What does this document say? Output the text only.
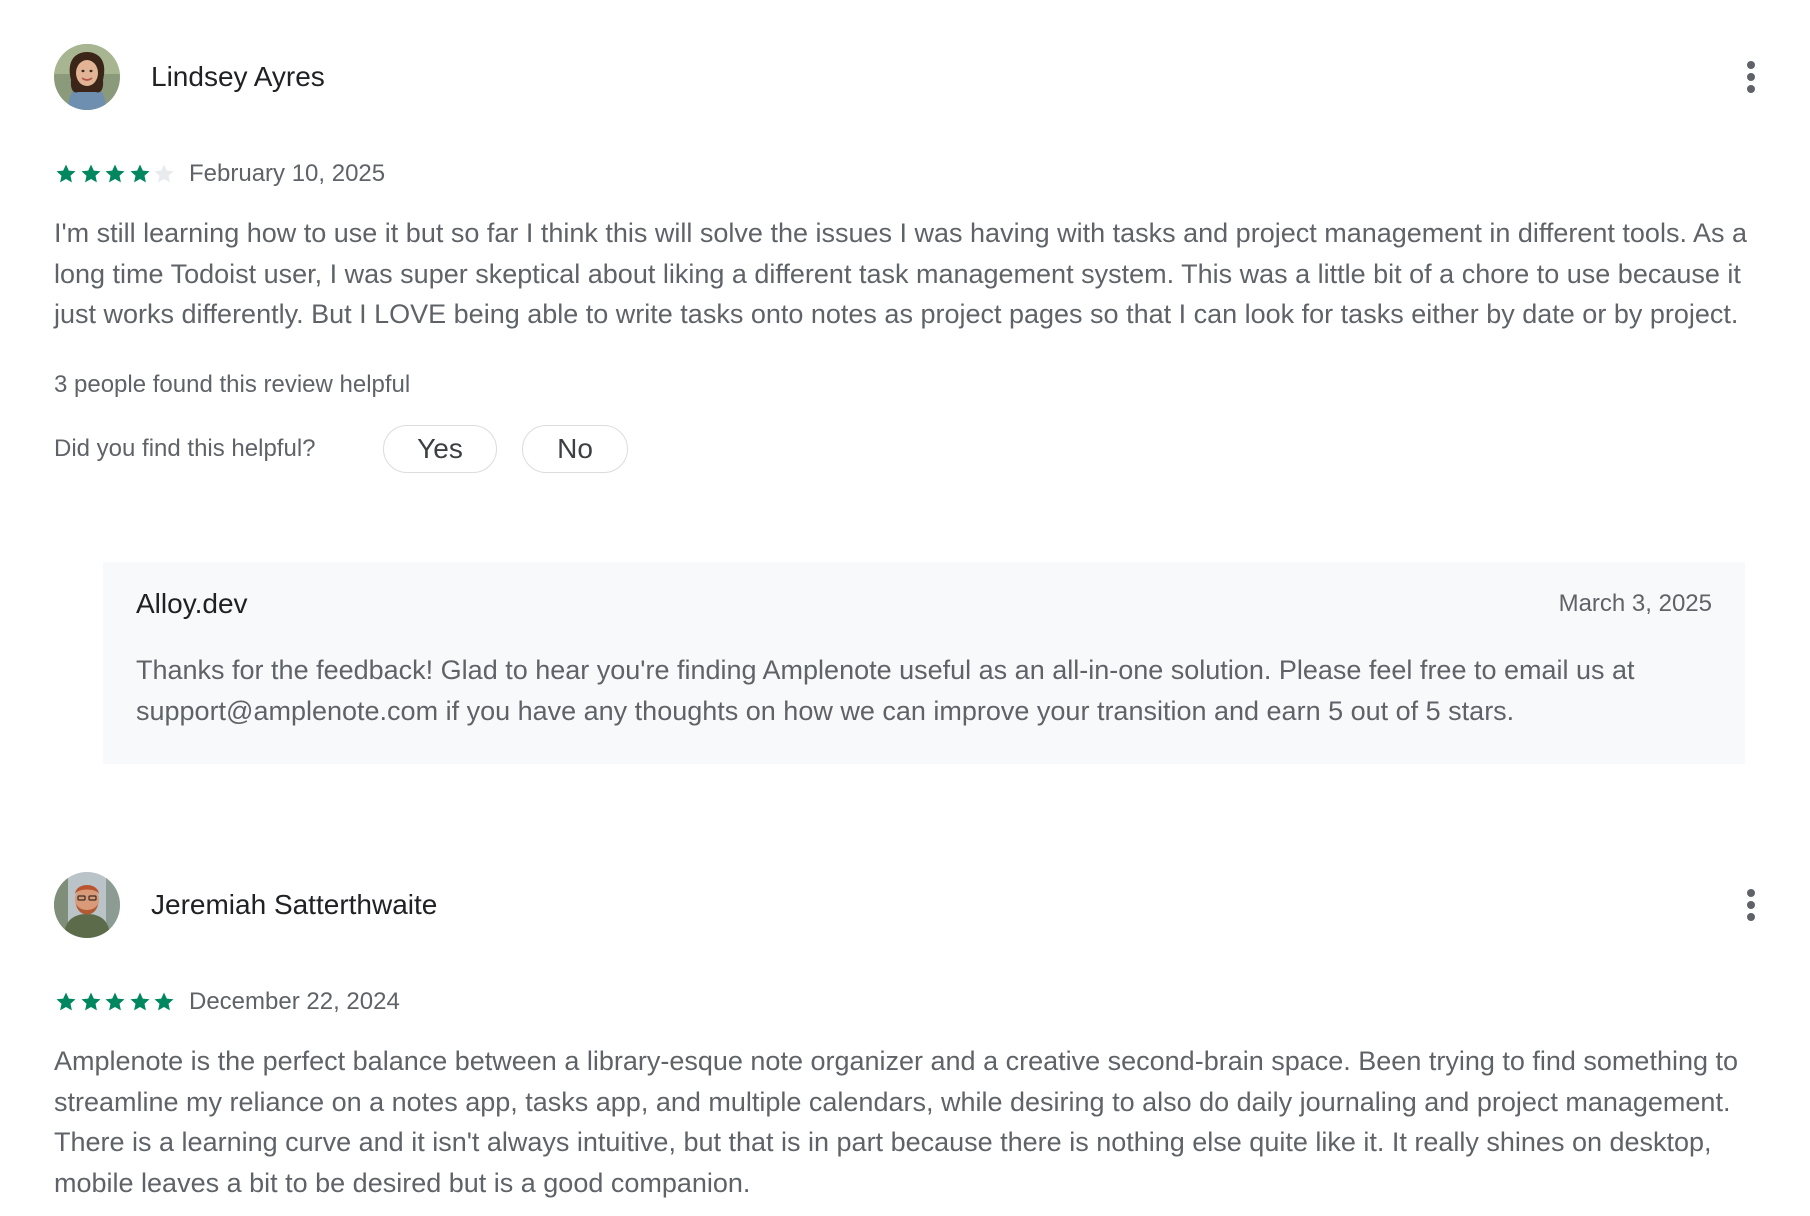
Lindsey Ayres
February 10, 2025
I'm still learning how to use it but so far I think this will solve the issues I was having with tasks and project management in different tools. As a long time Todoist user, I was super skeptical about liking a different task management system. This was a little bit of a chore to use because it just works differently. But I LOVE being able to write tasks onto notes as project pages so that I can look for tasks either by date or by project.
3 people found this review helpful
Did you find this helpful?	Yes	No
Alloy.dev	March 3, 2025
Thanks for the feedback! Glad to hear you're finding Amplenote useful as an all-in-one solution. Please feel free to email us at support@amplenote.com if you have any thoughts on how we can improve your transition and earn 5 out of 5 stars.
Jeremiah Satterthwaite
December 22, 2024
Amplenote is the perfect balance between a library-esque note organizer and a creative second-brain space. Been trying to find something to streamline my reliance on a notes app, tasks app, and multiple calendars, while desiring to also do daily journaling and project management. There is a learning curve and it isn't always intuitive, but that is in part because there is nothing else quite like it. It really shines on desktop, mobile leaves a bit to be desired but is a good companion.
